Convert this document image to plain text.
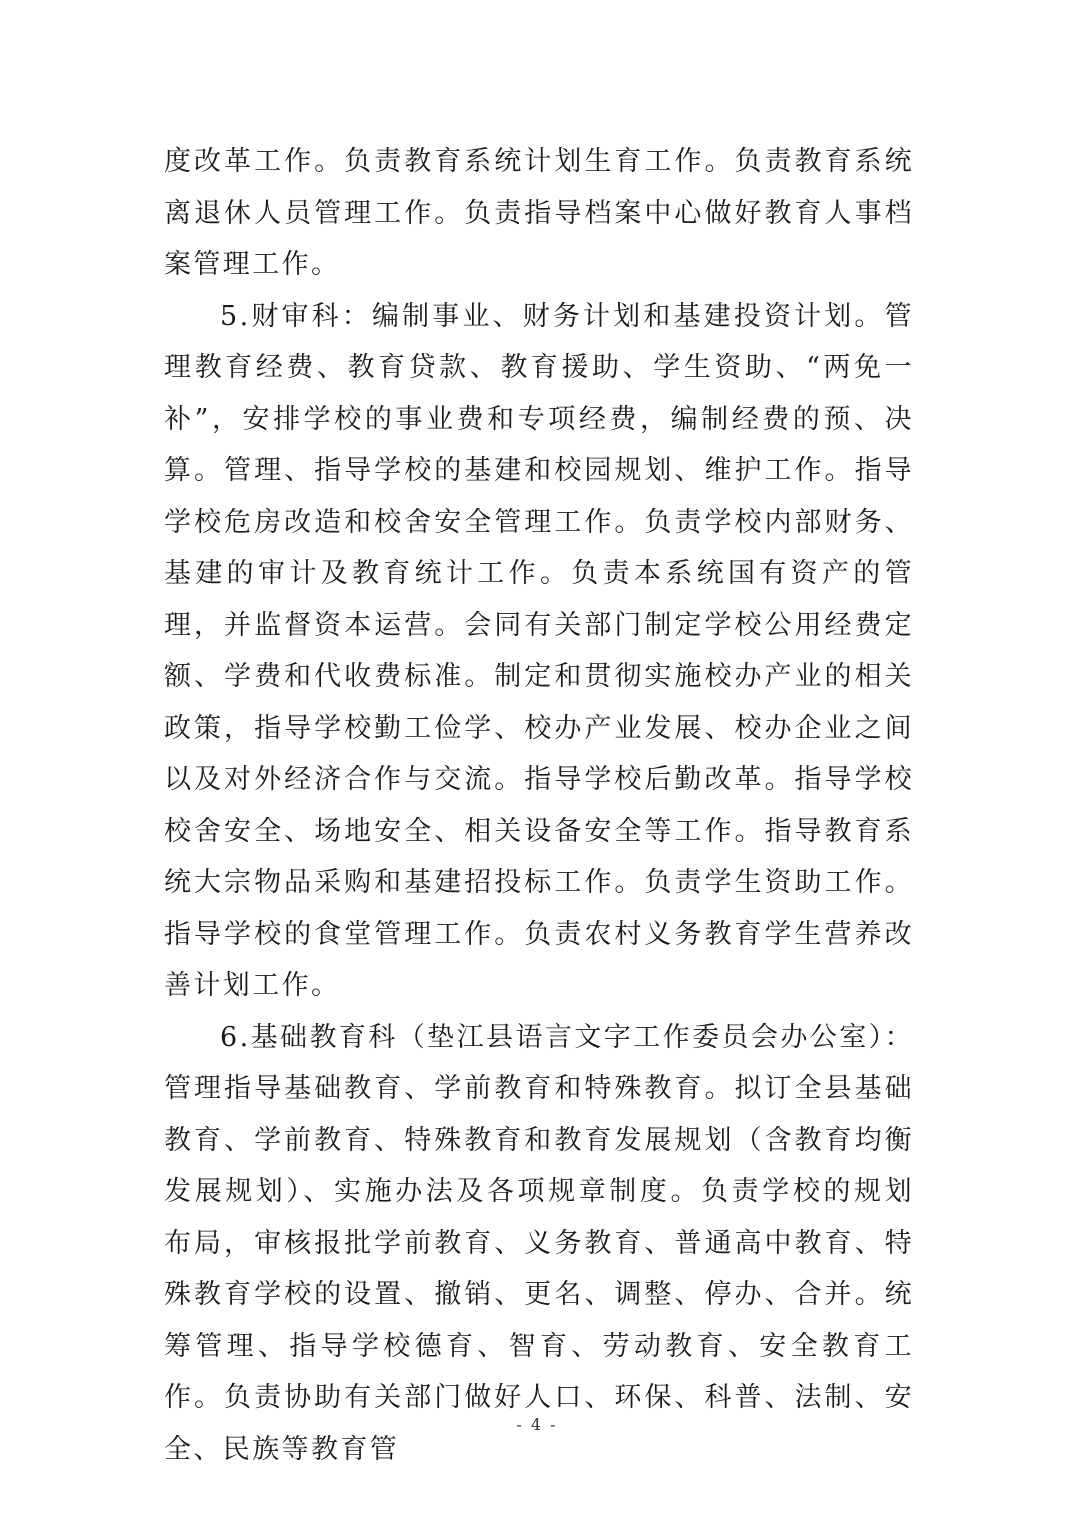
度改革工作。负责教育系统计划生育工作。负责教育系统离退休人员管理工作。负责指导档案中心做好教育人事档案管理工作。

5.财审科：编制事业、财务计划和基建投资计划。管理教育经费、教育贷款、教育援助、学生资助、“两免一补”，安排学校的事业费和专项经费，编制经费的预、决算。管理、指导学校的基建和校园规划、维护工作。指导学校危房改造和校舍安全管理工作。负责学校内部财务、基建的审计及教育统计工作。负责本系统国有资产的管理，并监督资本运营。会同有关部门制定学校公用经费定额、学费和代收费标准。制定和贯彻实施校办产业的相关政策，指导学校勤工俭学、校办产业发展、校办企业之间以及对外经济合作与交流。指导学校后勤改革。指导学校校舍安全、场地安全、相关设备安全等工作。指导教育系统大宗物品采购和基建招投标工作。负责学生资助工作。指导学校的食堂管理工作。负责农村义务教育学生营养改善计划工作。

6.基础教育科（垫江县语言文字工作委员会办公室）：管理指导基础教育、学前教育和特殊教育。拟订全县基础教育、学前教育、特殊教育和教育发展规划（含教育均衡发展规划）、实施办法及各项规章制度。负责学校的规划布局，审核报批学前教育、义务教育、普通高中教育、特殊教育学校的设置、撤销、更名、调整、停办、合并。统筹管理、指导学校德育、智育、劳动教育、安全教育工作。负责协助有关部门做好人口、环保、科普、法制、安全、民族等教育管

- 4 -
